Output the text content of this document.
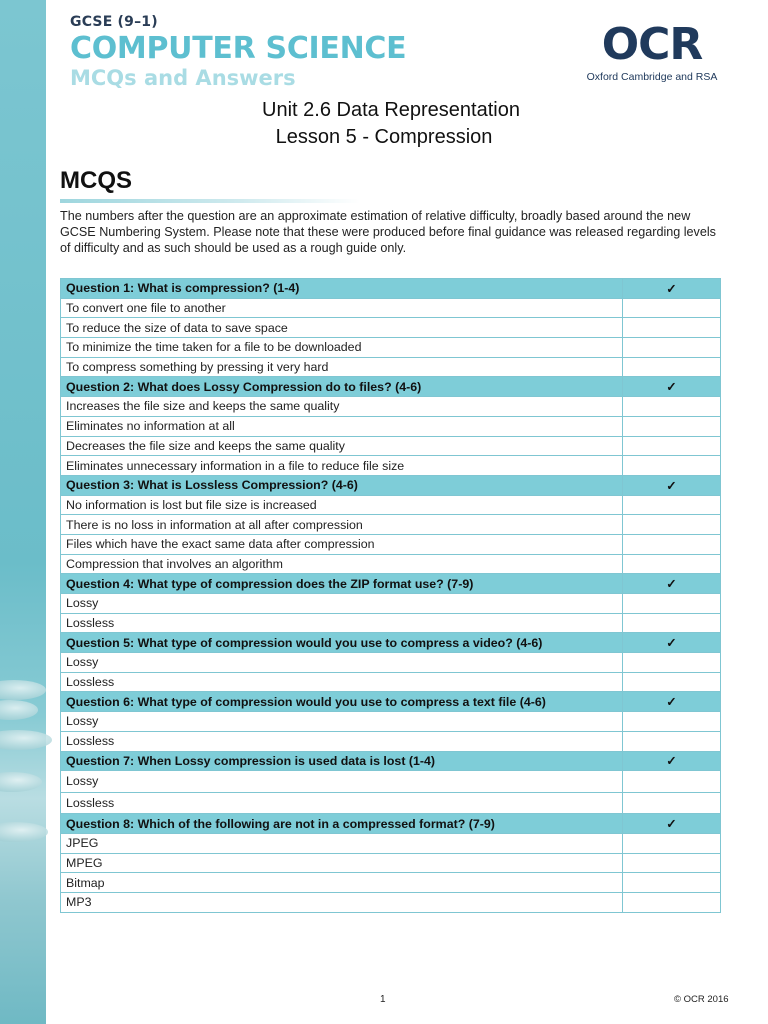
GCSE (9–1)
COMPUTER SCIENCE
MCQs and Answers
OCR
Oxford Cambridge and RSA
Unit 2.6 Data Representation
Lesson 5 - Compression
MCQS

The numbers after the question are an approximate estimation of relative difficulty, broadly based around the new GCSE Numbering System. Please note that these were produced before final guidance was released regarding levels of difficulty and as such should be used as a rough guide only.

Question 1: What is compression? (1-4)	✓
To convert one file to another	
To reduce the size of data to save space	
To minimize the time taken for a file to be downloaded	
To compress something by pressing it very hard	
Question 2: What does Lossy Compression do to files? (4-6)	✓
Increases the file size and keeps the same quality	
Eliminates no information at all	
Decreases the file size and keeps the same quality	
Eliminates unnecessary information in a file to reduce file size	
Question 3: What is Lossless Compression? (4-6)	✓
No information is lost but file size is increased	
There is no loss in information at all after compression	
Files which have the exact same data after compression	
Compression that involves an algorithm	
Question 4: What type of compression does the ZIP format use? (7-9)	✓
Lossy	
Lossless	
Question 5: What type of compression would you use to compress a video? (4-6)	✓
Lossy	
Lossless	
Question 6: What type of compression would you use to compress a text file (4-6)	✓
Lossy	
Lossless	
Question 7: When Lossy compression is used data is lost (1-4)	✓
Lossy	
Lossless	
Question 8: Which of the following are not in a compressed format? (7-9)	✓
JPEG	
MPEG	
Bitmap	
MP3	
1	© OCR 2016
